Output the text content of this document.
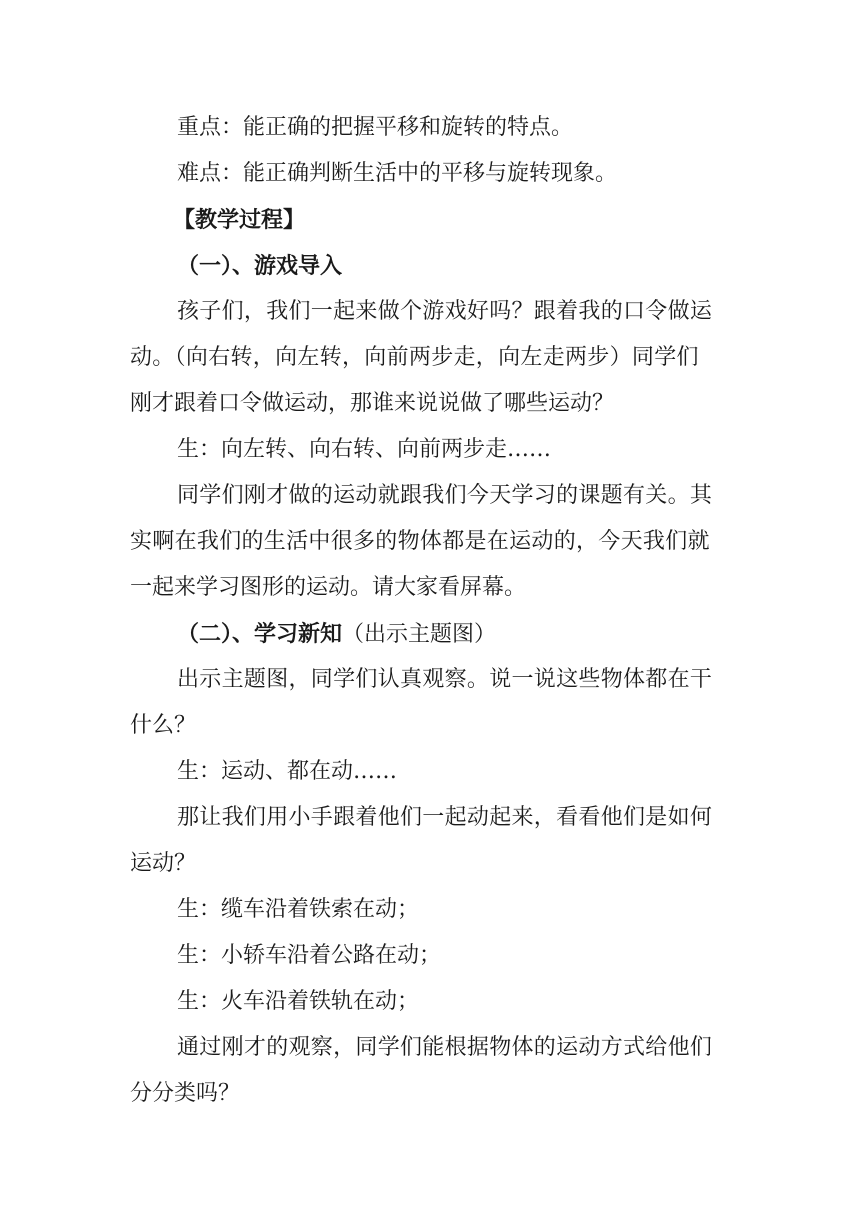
重点：能正确的把握平移和旋转的特点。
难点：能正确判断生活中的平移与旋转现象。
【教学过程】
（一）、游戏导入
孩子们，我们一起来做个游戏好吗？跟着我的口令做运
动。（向右转，向左转，向前两步走，向左走两步）同学们
刚才跟着口令做运动，那谁来说说做了哪些运动？
生：向左转、向右转、向前两步走……
同学们刚才做的运动就跟我们今天学习的课题有关。其
实啊在我们的生活中很多的物体都是在运动的，今天我们就
一起来学习图形的运动。请大家看屏幕。
（二）、学习新知（出示主题图）
出示主题图，同学们认真观察。说一说这些物体都在干
什么？
生：运动、都在动……
那让我们用小手跟着他们一起动起来，看看他们是如何
运动？
生：缆车沿着铁索在动；
生：小轿车沿着公路在动；
生：火车沿着铁轨在动；
通过刚才的观察，同学们能根据物体的运动方式给他们
分分类吗？
